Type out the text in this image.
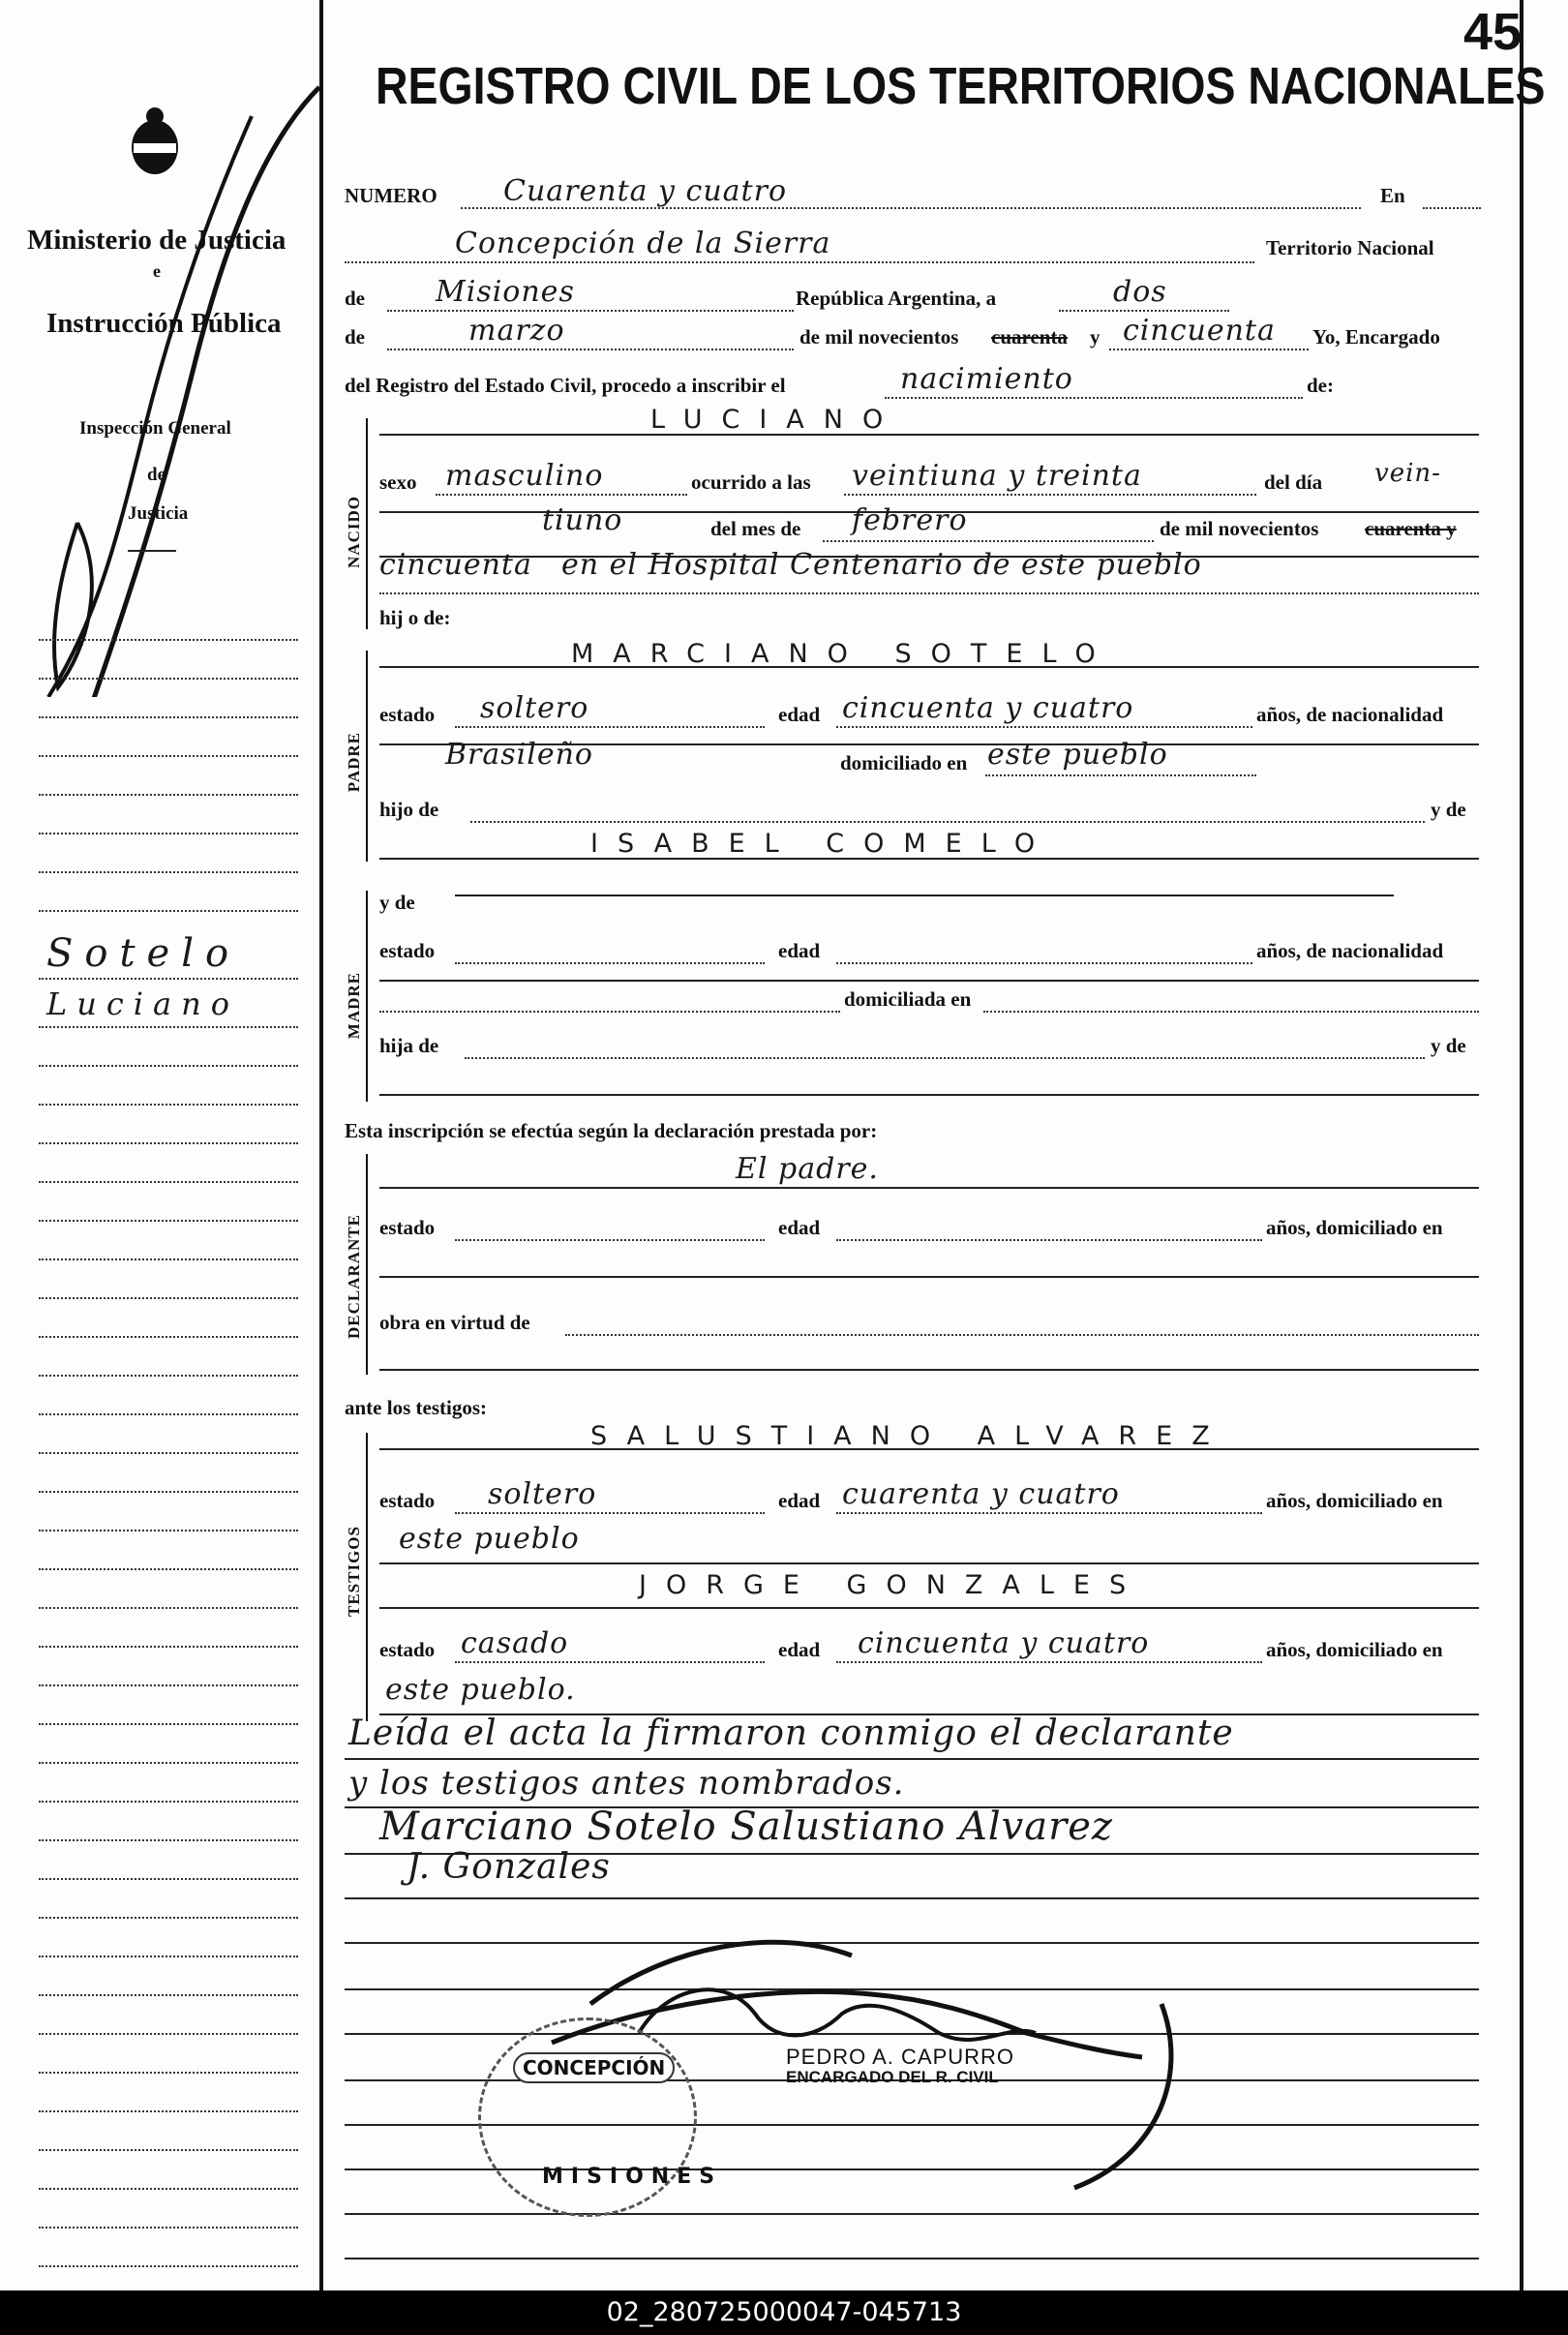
45
REGISTRO CIVIL DE LOS TERRITORIOS NACIONALES
Ministerio de Justicia
e
Instrucción Pública
Inspección General
de
Justicia
Sotelo
Luciano
NUMERO Cuarenta y cuatro	En
Concepción de la Sierra	Territorio Nacional
de Misiones	República Argentina, a	dos
de	marzo	de mil novecientos cuarenta y cincuenta Yo, Encargado
del Registro del Estado Civil, procedo a inscribir el	nacimiento	de:
NACIDO
LUCIANO
sexo masculino	ocurrido a las veintiuna y treinta	del día vein-
tiuno	del mes de febrero	de mil novecientos cuarenta y
cincuenta en el Hospital Centenario de este pueblo
hij o de:
PADRE
MARCIANO SOTELO
estado soltero	edad cincuenta y cuatro	años, de nacionalidad
Brasileño	domiciliado en este pueblo
hijo de	y de
ISABEL COMELO
MADRE
y de
estado	edad	años, de nacionalidad
domiciliada en
hija de	y de
Esta inscripción se efectúa según la declaración prestada por:
DECLARANTE
El padre.
estado	edad	años, domiciliado en
obra en virtud de
ante los testigos:
TESTIGOS
SALUSTIANO ALVAREZ
estado soltero	edad cuarenta y cuatro	años, domiciliado en
este pueblo
JORGE GONZALES
estado casado	edad cincuenta y cuatro	años, domiciliado en
este pueblo.
Leída el acta la firmaron conmigo el declarante
y los testigos antes nombrados.
Marciano Sotelo Salustiano Alvarez
J. Gonzales
PEDRO A. CAPURRO
ENCARGADO DEL R. CIVIL
CONCEPCIÓN
MISIONES
02_280725000047-045713
